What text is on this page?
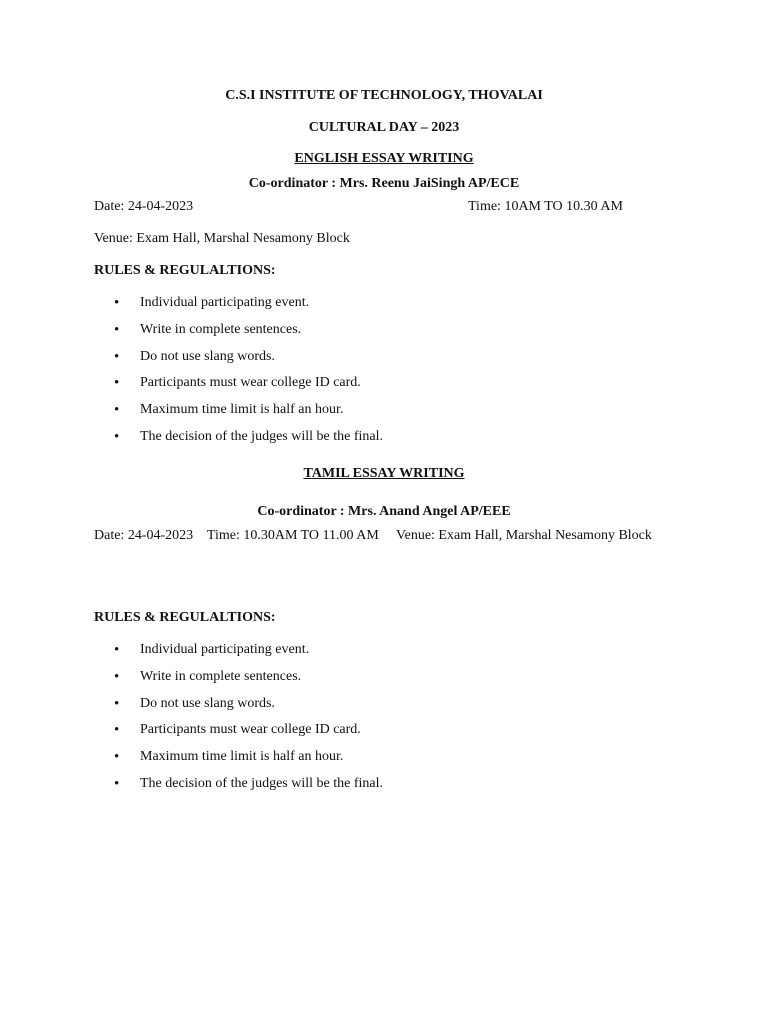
C.S.I INSTITUTE OF TECHNOLOGY, THOVALAI
CULTURAL DAY – 2023
ENGLISH ESSAY WRITING
Co-ordinator : Mrs. Reenu JaiSingh AP/ECE
Date: 24-04-2023	Time: 10AM TO 10.30 AM
Venue: Exam Hall, Marshal Nesamony Block
RULES & REGULALTIONS:
• Individual participating event.
• Write in complete sentences.
• Do not use slang words.
• Participants must wear college ID card.
• Maximum time limit is half an hour.
• The decision of the judges will be the final.
TAMIL ESSAY WRITING
Co-ordinator : Mrs. Anand Angel AP/EEE
Date: 24-04-2023    Time: 10.30AM TO 11.00 AM     Venue: Exam Hall, Marshal Nesamony Block
RULES & REGULALTIONS:
• Individual participating event.
• Write in complete sentences.
• Do not use slang words.
• Participants must wear college ID card.
• Maximum time limit is half an hour.
• The decision of the judges will be the final.
